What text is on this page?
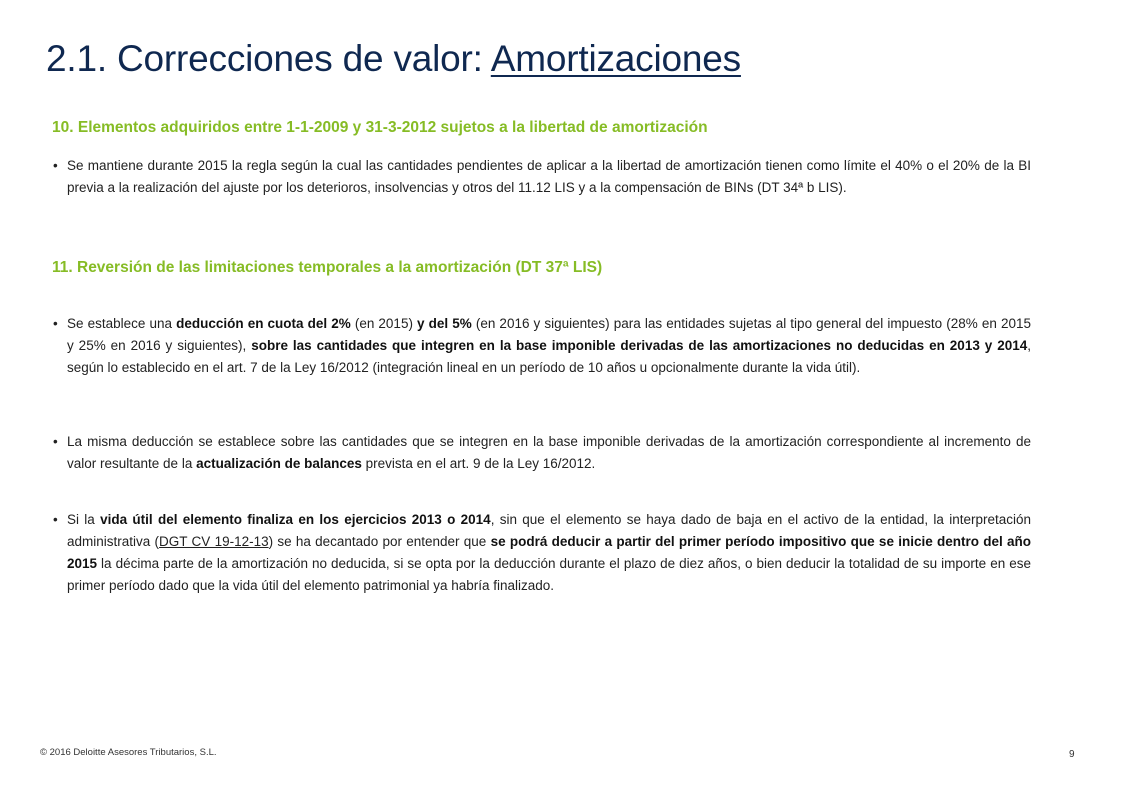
2.1. Correcciones de valor: Amortizaciones
10. Elementos adquiridos entre 1-1-2009 y 31-3-2012 sujetos a la libertad de amortización
• Se mantiene durante 2015 la regla según la cual las cantidades pendientes de aplicar a la libertad de amortización tienen como límite el 40% o el 20% de la BI previa a la realización del ajuste por los deterioros, insolvencias y otros del 11.12 LIS y a la compensación de BINs (DT 34ª b LIS).
11. Reversión de las limitaciones temporales a la amortización (DT 37ª LIS)
• Se establece una deducción en cuota del 2% (en 2015) y del 5% (en 2016 y siguientes) para las entidades sujetas al tipo general del impuesto (28% en 2015 y 25% en 2016 y siguientes), sobre las cantidades que integren en la base imponible derivadas de las amortizaciones no deducidas en 2013 y 2014, según lo establecido en el art. 7 de la Ley 16/2012 (integración lineal en un período de 10 años u opcionalmente durante la vida útil).
• La misma deducción se establece sobre las cantidades que se integren en la base imponible derivadas de la amortización correspondiente al incremento de valor resultante de la actualización de balances prevista en el art. 9 de la Ley 16/2012.
• Si la vida útil del elemento finaliza en los ejercicios 2013 o 2014, sin que el elemento se haya dado de baja en el activo de la entidad, la interpretación administrativa (DGT CV 19-12-13) se ha decantado por entender que se podrá deducir a partir del primer período impositivo que se inicie dentro del año 2015 la décima parte de la amortización no deducida, si se opta por la deducción durante el plazo de diez años, o bien deducir la totalidad de su importe en ese primer período dado que la vida útil del elemento patrimonial ya habría finalizado.
© 2016 Deloitte Asesores Tributarios, S.L.	9
